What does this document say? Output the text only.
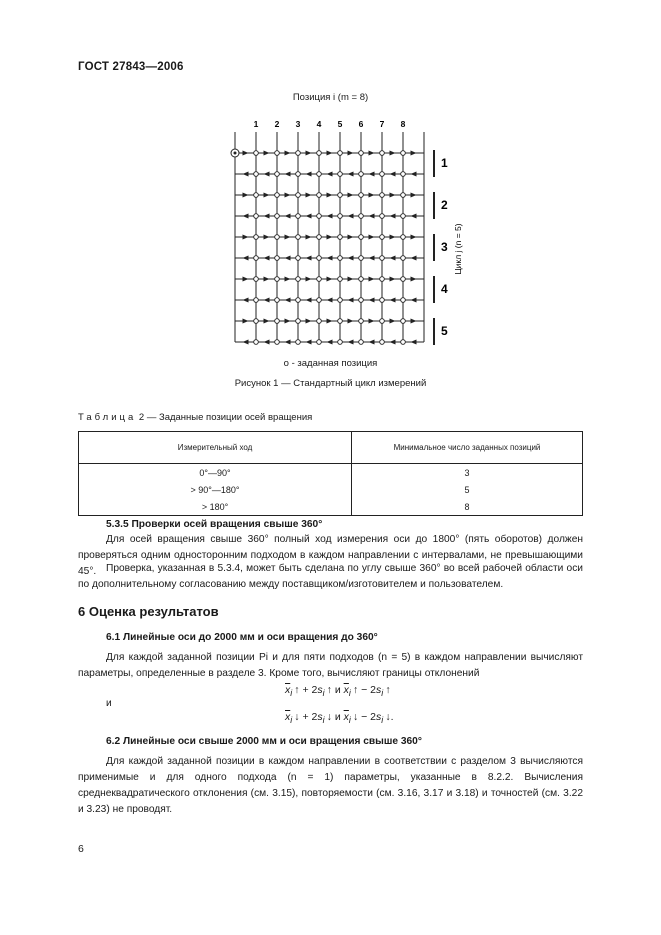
ГОСТ 27843—2006
Позиция i (m = 8)
1 2 3 4 5 6 7 8
1
2
3
4
5
Цикл j (n = 5)
o - заданная позиция
Рисунок 1 — Стандартный цикл измерений
Таблица 2 — Заданные позиции осей вращения
Измерительный ход	Минимальное число заданных позиций
0°—90°	3
> 90°—180°	5
> 180°	8
5.3.5 Проверки осей вращения свыше 360°
Для осей вращения свыше 360° полный ход измерения оси до 1800° (пять оборотов) должен проверяться одним односторонним подходом в каждом направлении с интервалами, не превышающими 45°. Проверка, указанная в 5.3.4, может быть сделана по углу свыше 360° во всей рабочей области оси по дополнительному согласованию между поставщиком/изготовителем и пользователем.
6 Оценка результатов
6.1 Линейные оси до 2000 мм и оси вращения до 360°
Для каждой заданной позиции Pi и для пяти подходов (n = 5) в каждом направлении вычисляют параметры, определенные в разделе 3. Кроме того, вычисляют границы отклонений
$\overline{x}_i$ ↑ + $2s_i$ ↑ и $\overline{x}_i$ ↑ − $2s_i$ ↑
и
$\overline{x}_i$ ↓ + $2s_i$ ↓ и $\overline{x}_i$ ↓ − $2s_i$ ↓.
6.2 Линейные оси свыше 2000 мм и оси вращения свыше 360°
Для каждой заданной позиции в каждом направлении в соответствии с разделом 3 вычисляются применимые и для одного подхода (n = 1) параметры, указанные в 8.2.2. Вычисления среднеквадратического отклонения (см. 3.15), повторяемости (см. 3.16, 3.17 и 3.18) и точностей (см. 3.22 и 3.23) не проводят.
6
